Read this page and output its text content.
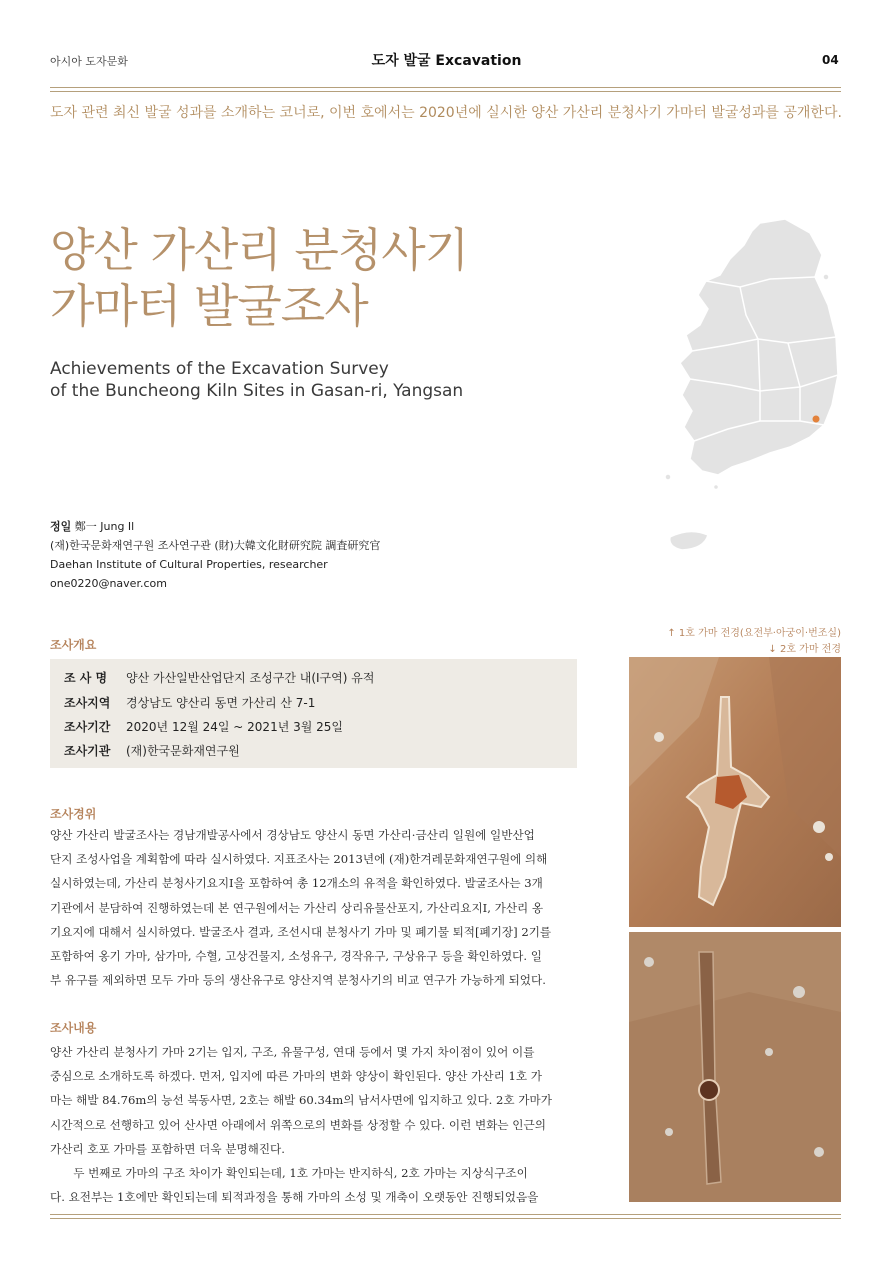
아시아 도자문화	도자 발굴 Excavation	04
도자 관련 최신 발굴 성과를 소개하는 코너로, 이번 호에서는 2020년에 실시한 양산 가산리 분청사기 가마터 발굴성과를 공개한다.
양산 가산리 분청사기
가마터 발굴조사
Achievements of the Excavation Survey
of the Buncheong Kiln Sites in Gasan-ri, Yangsan
정일 鄭一 Jung Il
(재)한국문화재연구원 조사연구관 (財)大韓文化財研究院 調査研究官
Daehan Institute of Cultural Properties, researcher
one0220@naver.com
조사개요
조 사 명 양산 가산일반산업단지 조성구간 내(Ⅰ구역) 유적
조사지역 경상남도 양산리 동면 가산리 산 7-1
조사기간 2020년 12월 24일 ~ 2021년 3월 25일
조사기관 (재)한국문화재연구원
조사경위
양산 가산리 발굴조사는 경남개발공사에서 경상남도 양산시 동면 가산리·금산리 일원에 일반산업
단지 조성사업을 계획함에 따라 실시하였다. 지표조사는 2013년에 (재)한겨레문화재연구원에 의해
실시하였는데, 가산리 분청사기요지Ⅰ을 포함하여 총 12개소의 유적을 확인하였다. 발굴조사는 3개
기관에서 분담하여 진행하였는데 본 연구원에서는 가산리 상리유물산포지, 가산리요지Ⅰ, 가산리 옹
기요지에 대해서 실시하였다. 발굴조사 결과, 조선시대 분청사기 가마 및 폐기물 퇴적[폐기장] 2기를
포함하여 옹기 가마, 삼가마, 수혈, 고상건물지, 소성유구, 경작유구, 구상유구 등을 확인하였다. 일
부 유구를 제외하면 모두 가마 등의 생산유구로 양산지역 분청사기의 비교 연구가 가능하게 되었다.
조사내용
양산 가산리 분청사기 가마 2기는 입지, 구조, 유물구성, 연대 등에서 몇 가지 차이점이 있어 이를
중심으로 소개하도록 하겠다. 먼저, 입지에 따른 가마의 변화 양상이 확인된다. 양산 가산리 1호 가
마는 해발 84.76m의 능선 북동사면, 2호는 해발 60.34m의 남서사면에 입지하고 있다. 2호 가마가
시간적으로 선행하고 있어 산사면 아래에서 위쪽으로의 변화를 상정할 수 있다. 이런 변화는 인근의
가산리 호포 가마를 포함하면 더욱 분명해진다.
두 번째로 가마의 구조 차이가 확인되는데, 1호 가마는 반지하식, 2호 가마는 지상식구조이
다. 요전부는 1호에만 확인되는데 퇴적과정을 통해 가마의 소성 및 개축이 오랫동안 진행되었음을
↑ 1호 가마 전경(요전부·아궁이·번조실)
↓ 2호 가마 전경
